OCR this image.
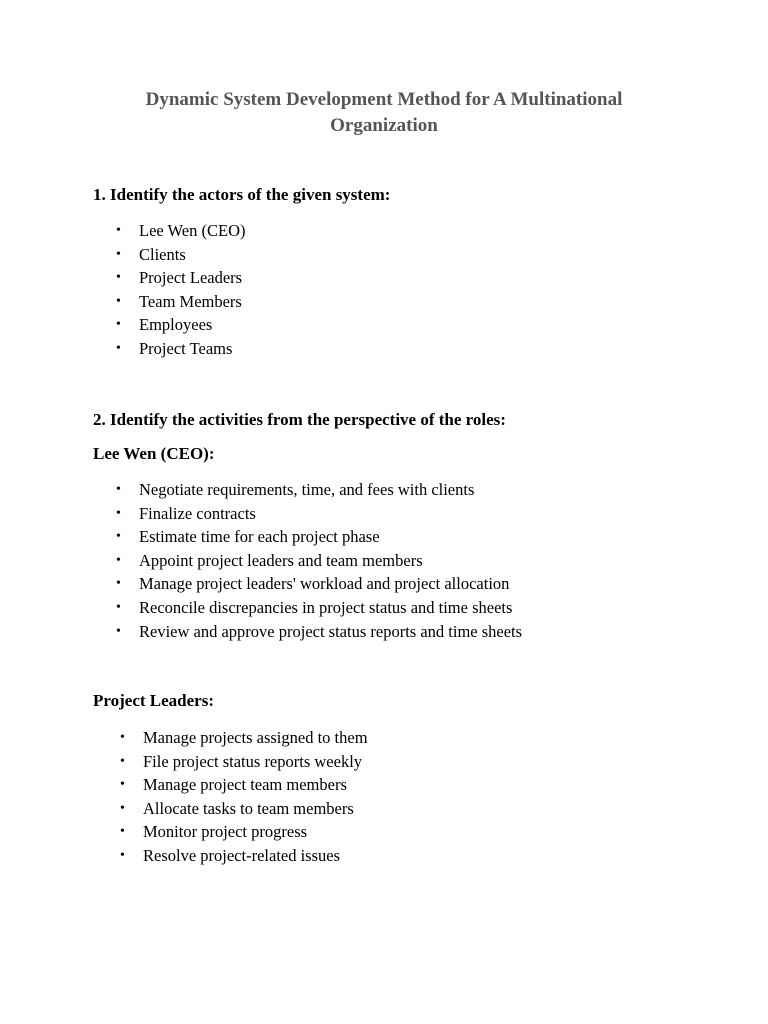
Dynamic System Development Method for A Multinational
Organization
1. Identify the actors of the given system:
• Lee Wen (CEO)
• Clients
• Project Leaders
• Team Members
• Employees
• Project Teams
2. Identify the activities from the perspective of the roles:
Lee Wen (CEO):
• Negotiate requirements, time, and fees with clients
• Finalize contracts
• Estimate time for each project phase
• Appoint project leaders and team members
• Manage project leaders' workload and project allocation
• Reconcile discrepancies in project status and time sheets
• Review and approve project status reports and time sheets
Project Leaders:
• Manage projects assigned to them
• File project status reports weekly
• Manage project team members
• Allocate tasks to team members
• Monitor project progress
• Resolve project-related issues
